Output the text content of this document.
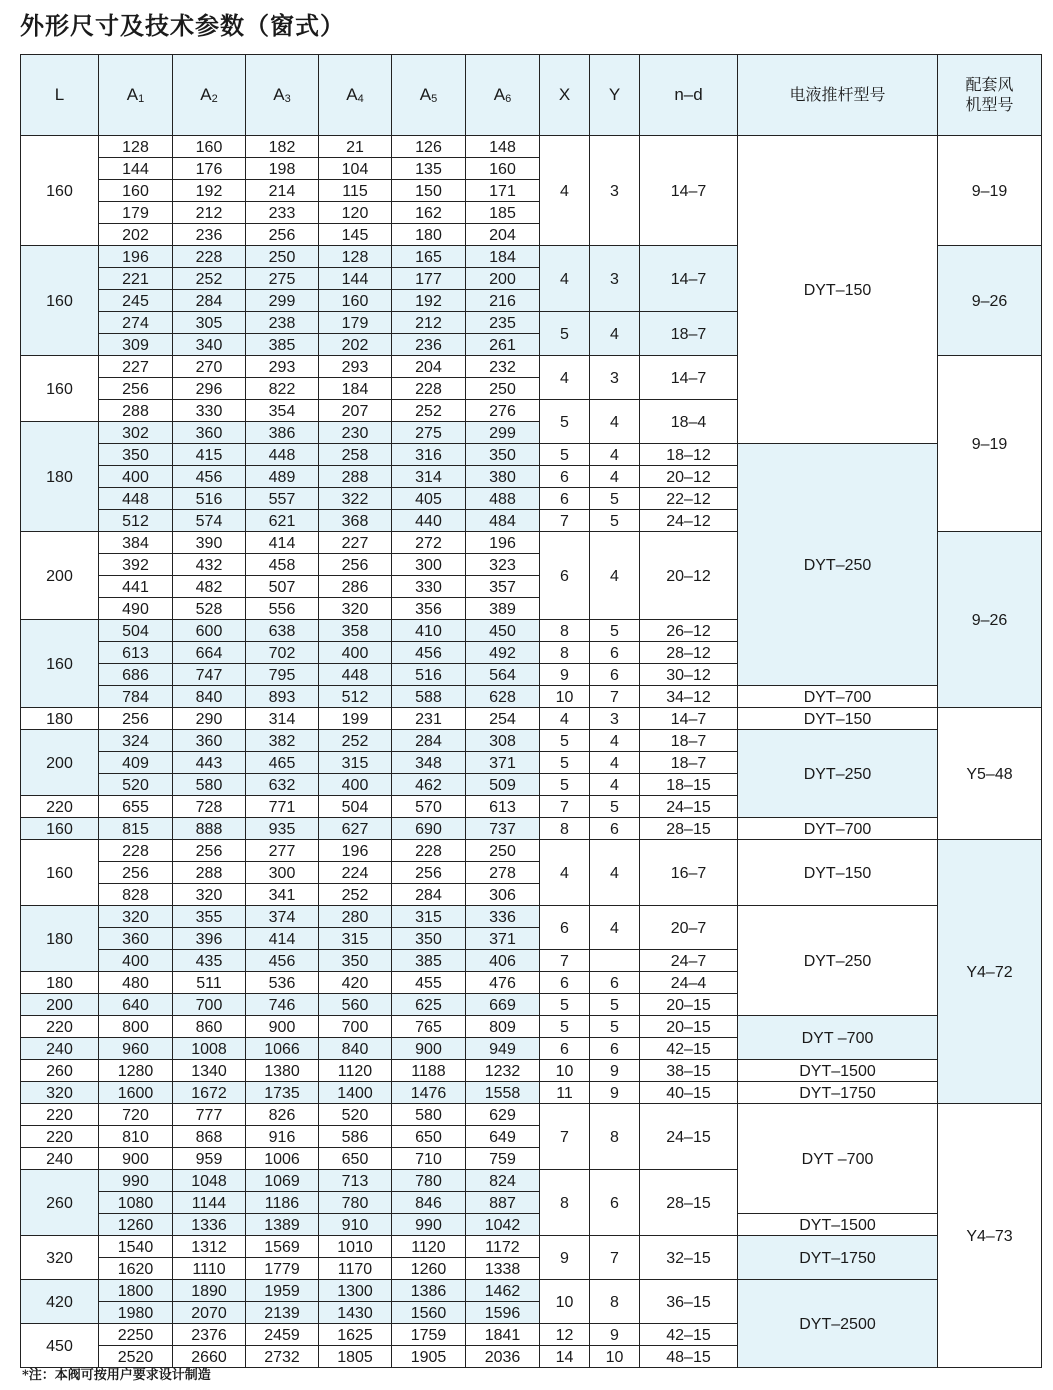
外形尺寸及技术参数（窗式）
L	$A_1$	$A_2$	$A_3$	$A_4$	$A_5$	$A_6$	X	Y	n–d	电液推杆型号	配套风
机型号
160	128	160	182	21	126	148	4	3	14–7	DYT–150	9–19
	144	176	198	104	135	160					
	160	192	214	115	150	171					
	179	212	233	120	162	185					
	202	236	256	145	180	204					
160	196	228	250	128	165	184	4	3	14–7		9–26
	221	252	275	144	177	200					
	245	284	299	160	192	216					
	274	305	238	179	212	235	5	4	18–7		
	309	340	385	202	236	261					
160	227	270	293	293	204	232	4	3	14–7		9–19
	256	296	822	184	228	250					
	288	330	354	207	252	276	5	4	18–4		
180	302	360	386	230	275	299					
	350	415	448	258	316	350	5	4	18–12	DYT–250	
	400	456	489	288	314	380	6	4	20–12		
	448	516	557	322	405	488	6	5	22–12		
	512	574	621	368	440	484	7	5	24–12		
200	384	390	414	227	272	196	6	4	20–12		9–26
	392	432	458	256	300	323					
	441	482	507	286	330	357					
	490	528	556	320	356	389					
160	504	600	638	358	410	450	8	5	26–12		
	613	664	702	400	456	492	8	6	28–12		
	686	747	795	448	516	564	9	6	30–12		
	784	840	893	512	588	628	10	7	34–12	DYT–700	
180	256	290	314	199	231	254	4	3	14–7	DYT–150	Y5–48
200	324	360	382	252	284	308	5	4	18–7	DYT–250	
	409	443	465	315	348	371	5	4	18–7		
	520	580	632	400	462	509	5	4	18–15		
220	655	728	771	504	570	613	7	5	24–15		
160	815	888	935	627	690	737	8	6	28–15	DYT–700	
160	228	256	277	196	228	250	4	4	16–7	DYT–150	Y4–72
	256	288	300	224	256	278					
	828	320	341	252	284	306					
180	320	355	374	280	315	336	6	4	20–7	DYT–250	
	360	396	414	315	350	371					
	400	435	456	350	385	406	7		24–7		
180	480	511	536	420	455	476	6	6	24–4		
200	640	700	746	560	625	669	5	5	20–15		
220	800	860	900	700	765	809	5	5	20–15	DYT –700	
240	960	1008	1066	840	900	949	6	6	42–15		
260	1280	1340	1380	1120	1188	1232	10	9	38–15	DYT–1500	
320	1600	1672	1735	1400	1476	1558	11	9	40–15	DYT–1750	
220	720	777	826	520	580	629	7	8	24–15	DYT –700	Y4–73
220	810	868	916	586	650	649					
240	900	959	1006	650	710	759					
260	990	1048	1069	713	780	824	8	6	28–15		
	1080	1144	1186	780	846	887					
	1260	1336	1389	910	990	1042				DYT–1500	
320	1540	1312	1569	1010	1120	1172	9	7	32–15	DYT–1750	
	1620	1110	1779	1170	1260	1338					
420	1800	1890	1959	1300	1386	1462	10	8	36–15	DYT–2500	
	1980	2070	2139	1430	1560	1596					
450	2250	2376	2459	1625	1759	1841	12	9	42–15		
	2520	2660	2732	1805	1905	2036	14	10	48–15		
*注：本阀可按用户要求设计制造
